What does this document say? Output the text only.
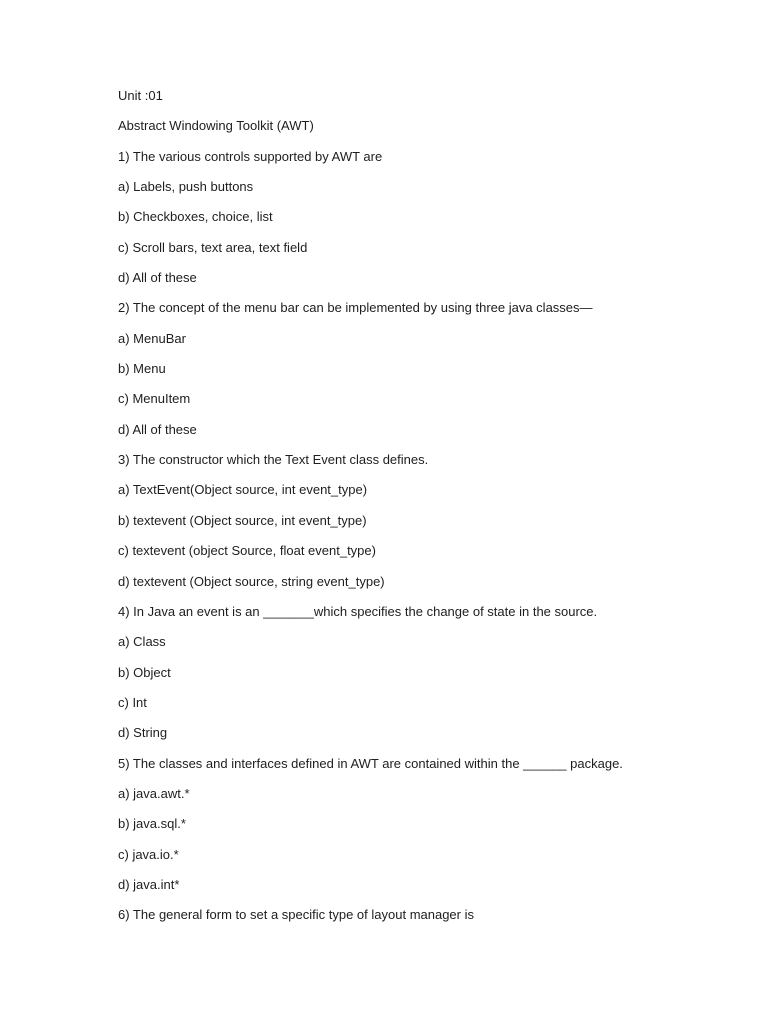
Unit :01
Abstract Windowing Toolkit (AWT)
1) The various controls supported by AWT are
a) Labels, push buttons
b) Checkboxes, choice, list
c) Scroll bars, text area, text field
d) All of these
2) The concept of the menu bar can be implemented by using three java classes—
a) MenuBar
b) Menu
c) MenuItem
d) All of these
3) The constructor which the Text Event class defines.
a) TextEvent(Object source, int event_type)
b) textevent (Object source, int event_type)
c) textevent (object Source, float event_type)
d) textevent (Object source, string event_type)
4) In Java an event is an _______which specifies the change of state in the source.
a) Class
b) Object
c) Int
d) String
5) The classes and interfaces defined in AWT are contained within the ______ package.
a) java.awt.*
b) java.sql.*
c) java.io.*
d) java.int*
6) The general form to set a specific type of layout manager is
